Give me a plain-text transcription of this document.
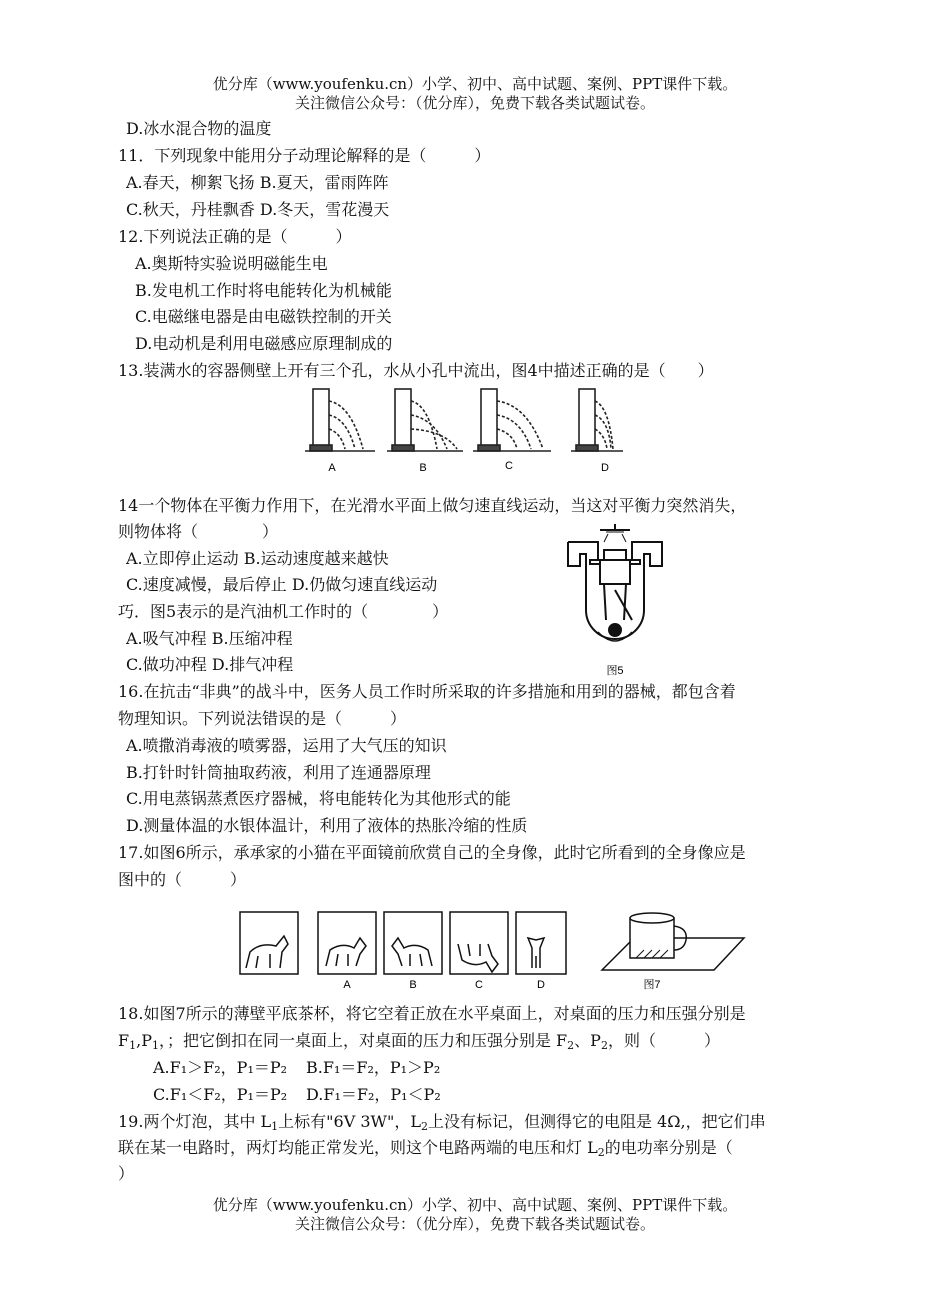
优分库（www.youfenku.cn）小学、初中、高中试题、案例、PPT课件下载。
关注微信公众号：（优分库），免费下载各类试题试卷。
D.冰水混合物的温度
11．下列现象中能用分子动理论解释的是（　　　）
A.春天，柳絮飞扬 B.夏天，雷雨阵阵
C.秋天，丹桂飘香 D.冬天，雪花漫天
12.下列说法正确的是（　　　）
A.奥斯特实验说明磁能生电
B.发电机工作时将电能转化为机械能
C.电磁继电器是由电磁铁控制的开关
D.电动机是利用电磁感应原理制成的
13.装满水的容器侧壁上开有三个孔，水从小孔中流出，图4中描述正确的是（　　）
A	B	C	D
14一个物体在平衡力作用下，在光滑水平面上做匀速直线运动，当这对平衡力突然消失，
则物体将（　　　　）
A.立即停止运动 B.运动速度越来越快
C.速度减慢，最后停止 D.仍做匀速直线运动
巧．图5表示的是汽油机工作时的（　　　　）
A.吸气冲程 B.压缩冲程
C.做功冲程 D.排气冲程	图5
16.在抗击“非典”的战斗中，医务人员工作时所采取的许多措施和用到的器械，都包含着
物理知识。下列说法错误的是（　　　）
A.喷撒消毒液的喷雾器，运用了大气压的知识
B.打针时针筒抽取药液，利用了连通器原理
C.用电蒸锅蒸煮医疗器械，将电能转化为其他形式的能
D.测量体温的水银体温计，利用了液体的热胀冷缩的性质
17.如图6所示，承承家的小猫在平面镜前欣赏自己的全身像，此时它所看到的全身像应是
图中的（　　　）
A	B	C	D	图7
18.如图7所示的薄壁平底茶杯，将它空着正放在水平桌面上，对桌面的压力和压强分别是
$F_1,P_1$，；把它倒扣在同一桌面上，对桌面的压力和压强分别是 $F_2$、$P_2$，则（　　　）
A.F₁＞F₂，P₁＝P₂ B.F₁＝F₂，P₁＞P₂
C.F₁＜F₂，P₁＝P₂ D.F₁＝F₂，P₁＜P₂
19.两个灯泡，其中 $L_1$上标有"6V 3W"，$L_2$上没有标记，但测得它的电阻是 4Ω,，把它们串
联在某一电路时，两灯均能正常发光，则这个电路两端的电压和灯 $L_2$的电功率分别是（
）
优分库（www.youfenku.cn）小学、初中、高中试题、案例、PPT课件下载。
关注微信公众号：（优分库），免费下载各类试题试卷。
